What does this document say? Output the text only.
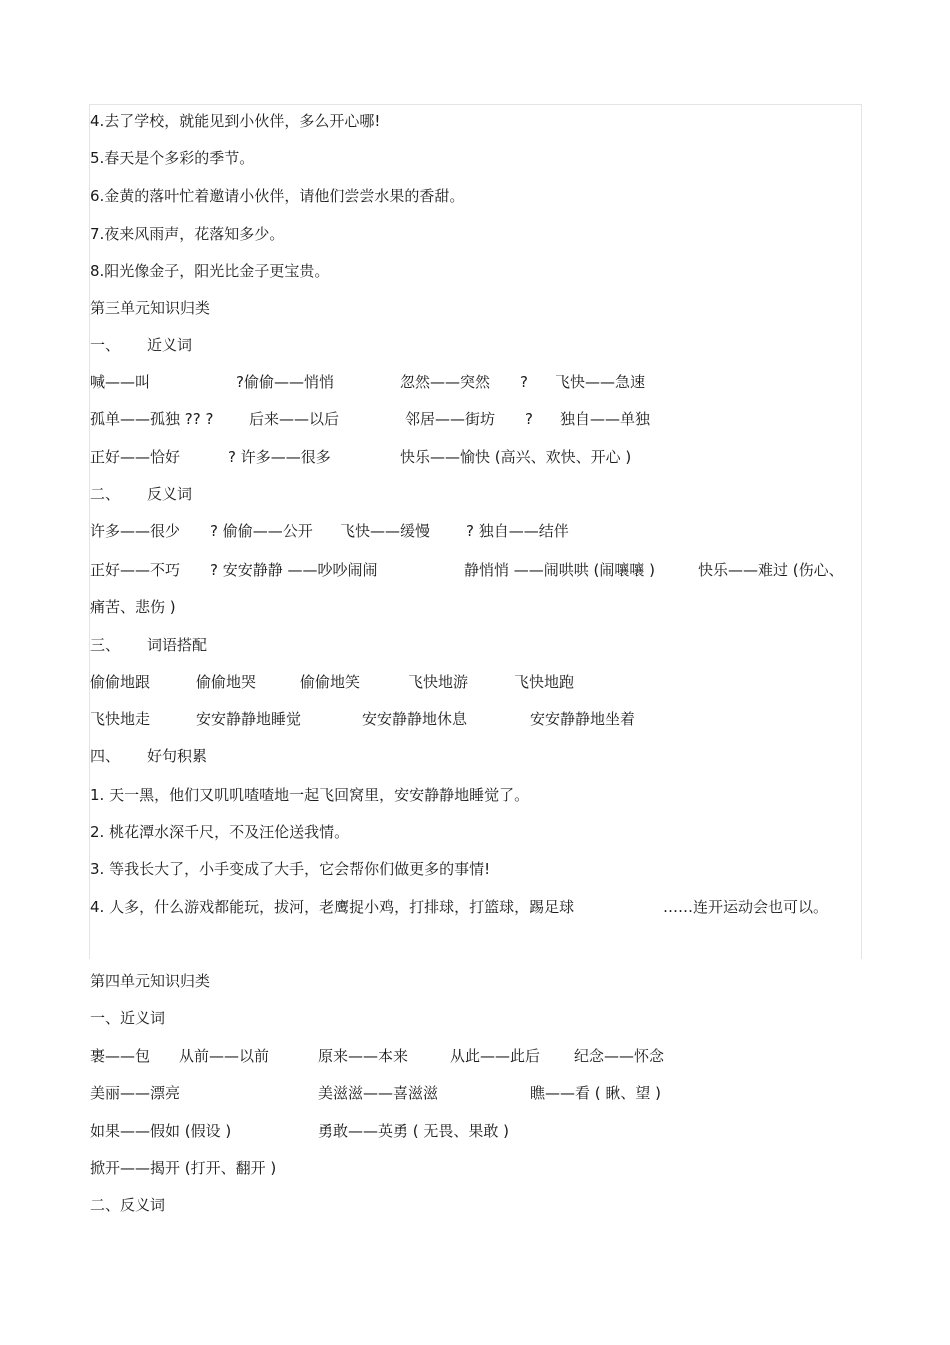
4.去了学校，就能见到小伙伴，多么开心哪!
5.春天是个多彩的季节。
6.金黄的落叶忙着邀请小伙伴，请他们尝尝水果的香甜。
7.夜来风雨声，花落知多少。
8.阳光像金子，阳光比金子更宝贵。
第三单元知识归类
一、 近义词
喊——叫	?偷偷——悄悄	忽然——突然 ? 飞快——急速
孤单——孤独 ?? ? 后来——以后	邻居——街坊 ? 独自——单独
正好——恰好	? 许多——很多	快乐——愉快 (高兴、欢快、开心 )
二、 反义词
许多——很少 ? 偷偷——公开 飞快——缓慢 ? 独自——结伴
正好——不巧 ? 安安静静 ——吵吵闹闹	静悄悄 ——闹哄哄 (闹嚷嚷 )	快乐——难过 (伤心、
痛苦、悲伤 )
三、 词语搭配
偷偷地跟	偷偷地哭	偷偷地笑	飞快地游	飞快地跑
飞快地走	安安静静地睡觉	安安静静地休息	安安静静地坐着
四、 好句积累
1. 天一黑，他们又叽叽喳喳地一起飞回窝里，安安静静地睡觉了。
2. 桃花潭水深千尺，不及汪伦送我情。
3. 等我长大了，小手变成了大手，它会帮你们做更多的事情!
4. 人多，什么游戏都能玩，拔河，老鹰捉小鸡，打排球，打篮球，踢足球	……连开运动会也可以。
第四单元知识归类
一、近义词
裹——包 从前——以前	原来——本来	从此——此后 纪念——怀念
美丽——漂亮	美滋滋——喜滋滋	瞧——看 ( 瞅、望 )
如果——假如 (假设 )	勇敢——英勇 ( 无畏、果敢 )
掀开——揭开 (打开、翻开 )
二、反义词
